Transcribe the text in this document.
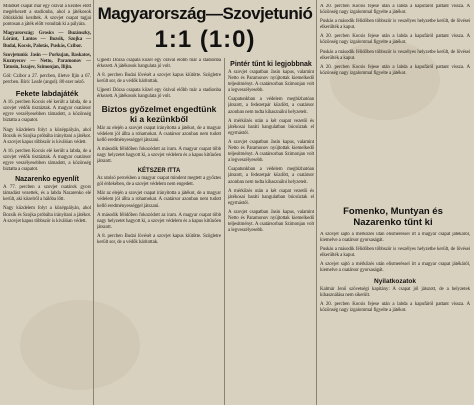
Magyarország—Szovjetunió
1:1 (1:0)

Mindkét csapat már egy órával a kezdés előtt megérkezett a stadionba, ahol a játékosok öltözködni kezdtek. A szovjet csapat tagjai pontosan a játék előtt vonultak ki a pályára.

Magyarország: Grosics — Buzánszky, Lóránt, Lantos — Bozsik, Szojka — Budai, Kocsis, Palotás, Puskás, Czibor.

Szovjetunió: Jasin — Porkujan, Baskatov, Kuznyecov — Netto, Paramonov — Tatusin, Iszajev, Szimonjan, Ilijin.

Gól: Czibor a 27. percben, illetve Iljin a 67. percben. Bíró: Leafe (angol). 80 ezer néző.

Fekete labdajáték

A 16. percben Kocsis elé került a labda, de a szovjet védők tisztáztak. A magyar csatársor egyre veszélyesebben támadott, a közönség biztatta a csapatot.

Nagy küzdelem folyt a középpályán, ahol Bozsik és Szojka próbálta irányítani a játékot. A szovjet kapus többször is kiválóan védett.

A 16. percben Kocsis elé került a labda, de a szovjet védők tisztáztak. A magyar csatársor egyre veszélyesebben támadott, a közönség biztatta a csapatot.

Nazarenko egyenlít

A 77. percben a szovjet csatárok gyors támadást vezettek, és a labda Nazarenko elé került, aki közelről a hálóba lőtt.

Nagy küzdelem folyt a középpályán, ahol Bozsik és Szojka próbálta irányítani a játékot. A szovjet kapus többször is kiválóan védett.

Ujpesti Dózsa csapata közel egy órával előbb már a stadionba érkezett. A játékosok hangulata jó volt.

A 8. percben Budai lövését a szovjet kapus kiütötte. Szögletre került sor, de a védők hárítottak.

Ujpesti Dózsa csapata közel egy órával előbb már a stadionba érkezett. A játékosok hangulata jó volt.

Biztos győzelmet engedtünk ki a kezünkből

Már az elején a szovjet csapat irányította a játékot, de a magyar védelem jól állta a rohamokat. A csatársor azonban nem tudott kellő eredményességgel játszani.

A második félidőben fokozódott az iram. A magyar csapat több nagy helyzetet hagyott ki, a szovjet védelem és a kapus kitűnően játszott.

KÉTSZER ITTA

Az utolsó percekben a magyar csapat mindent megtett a győztes gól érdekében, de a szovjet védelem nem engedett.

Már az elején a szovjet csapat irányította a játékot, de a magyar védelem jól állta a rohamokat. A csatársor azonban nem tudott kellő eredményességgel játszani.

A második félidőben fokozódott az iram. A magyar csapat több nagy helyzetet hagyott ki, a szovjet védelem és a kapus kitűnően játszott.

A 8. percben Budai lövését a szovjet kapus kiütötte. Szögletre került sor, de a védők hárítottak.

Pintér tűnt ki legjobbnak

A szovjet csapatban Jasin kapus, valamint Netto és Paramonov nyújtottak kiemelkedő teljesítményt. A csatársorban Szimonjan volt a legveszélyesebb.

Csapatunkban a védelem megbízhatóan játszott, a fedezetpár küzdött, a csatársor azonban nem tudta kihasználni helyzeteit.

A mérkőzés után a két csapat vezetői és játékosai baráti hangulatban búcsúztak el egymástól.

A szovjet csapatban Jasin kapus, valamint Netto és Paramonov nyújtottak kiemelkedő teljesítményt. A csatársorban Szimonjan volt a legveszélyesebb.

Csapatunkban a védelem megbízhatóan játszott, a fedezetpár küzdött, a csatársor azonban nem tudta kihasználni helyzeteit.

A mérkőzés után a két csapat vezetői és játékosai baráti hangulatban búcsúztak el egymástól.

A szovjet csapatban Jasin kapus, valamint Netto és Paramonov nyújtottak kiemelkedő teljesítményt. A csatársorban Szimonjan volt a legveszélyesebb.

A 20. percben Kocsis fejese után a labda a kapufáról pattant vissza. A közönség nagy izgalommal figyelte a játékot.

Puskás a második félidőben többször is veszélyes helyzetbe került, de lövései elkerülték a kaput.

A 20. percben Kocsis fejese után a labda a kapufáról pattant vissza. A közönség nagy izgalommal figyelte a játékot.

Puskás a második félidőben többször is veszélyes helyzetbe került, de lövései elkerülték a kaput.

A 20. percben Kocsis fejese után a labda a kapufáról pattant vissza. A közönség nagy izgalommal figyelte a játékot.

Fomenko, Muntyan és Nazarenko tűnt ki

A szovjet sajtó a mérkőzés után elismeréssel írt a magyar csapat játékáról, kiemelve a csatársor gyorsaságát.

Puskás a második félidőben többször is veszélyes helyzetbe került, de lövései elkerülték a kaput.

A szovjet sajtó a mérkőzés után elismeréssel írt a magyar csapat játékáról, kiemelve a csatársor gyorsaságát.

Nyilatkozatok

Kalmár Jenő szövetségi kapitány: A csapat jól játszott, de a helyzetek kihasználása nem sikerült.

A 20. percben Kocsis fejese után a labda a kapufáról pattant vissza. A közönség nagy izgalommal figyelte a játékot.
